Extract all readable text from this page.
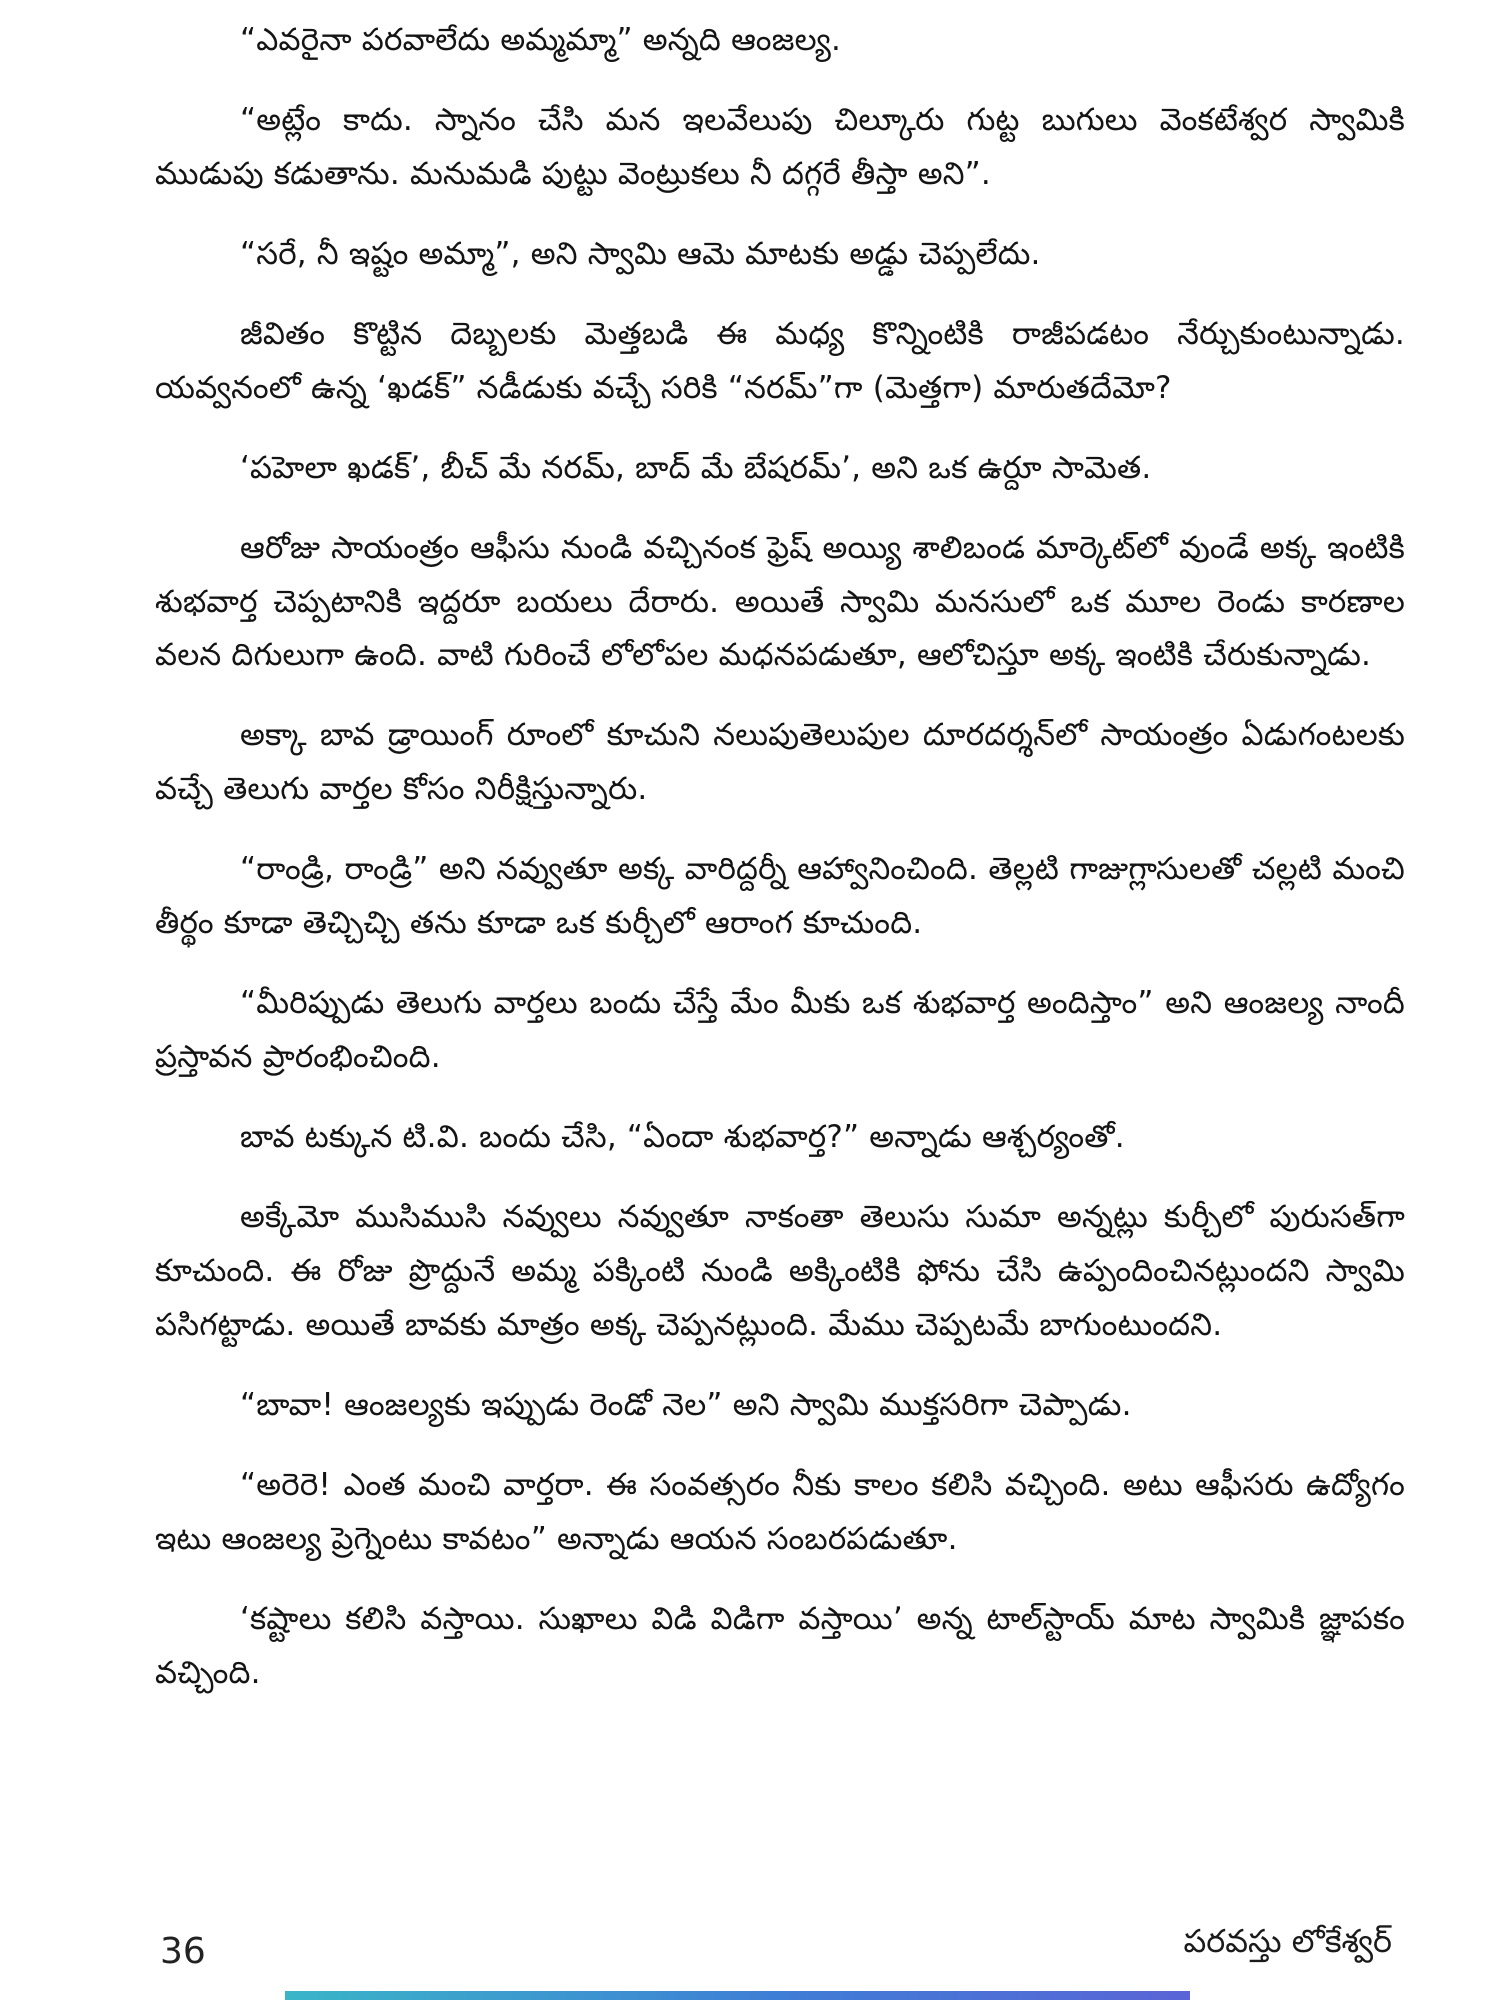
“ఎవరైనా పరవాలేదు అమ్మమ్మా” అన్నది ఆంజల్య.

“అట్లేం కాదు. స్నానం చేసి మన ఇలవేలుపు చిల్కూరు గుట్ట బుగులు వెంకటేశ్వర స్వామికి ముడుపు కడుతాను. మనుమడి పుట్టు వెంట్రుకలు నీ దగ్గరే తీస్తా అని”.

“సరే, నీ ఇష్టం అమ్మా”, అని స్వామి ఆమె మాటకు అడ్డు చెప్పలేదు.

జీవితం కొట్టిన దెబ్బలకు మెత్తబడి ఈ మధ్య కొన్నింటికి రాజీపడటం నేర్చుకుంటున్నాడు. యవ్వనంలో ఉన్న ‘ఖడక్” నడీడుకు వచ్చే సరికి “నరమ్”గా (మెత్తగా) మారుతదేమో?

‘పహెలా ఖడక్’, బీచ్ మే నరమ్, బాద్ మే బేషరమ్’, అని ఒక ఉర్దూ సామెత.

ఆరోజు సాయంత్రం ఆఫీసు నుండి వచ్చినంక ఫ్రెష్ అయ్యి శాలిబండ మార్కెట్‌లో వుండే అక్క ఇంటికి శుభవార్త చెప్పటానికి ఇద్దరూ బయలు దేరారు. అయితే స్వామి మనసులో ఒక మూల రెండు కారణాల వలన దిగులుగా ఉంది. వాటి గురించే లోలోపల మధనపడుతూ, ఆలోచిస్తూ అక్క ఇంటికి చేరుకున్నాడు.

అక్కా బావ డ్రాయింగ్ రూంలో కూచుని నలుపుతెలుపుల దూరదర్శన్‌లో సాయంత్రం ఏడుగంటలకు వచ్చే తెలుగు వార్తల కోసం నిరీక్షిస్తున్నారు.

“రాండ్రి, రాండ్రి” అని నవ్వుతూ అక్క వారిద్దర్నీ ఆహ్వానించింది. తెల్లటి గాజుగ్లాసులతో చల్లటి మంచి తీర్థం కూడా తెచ్చిచ్చి తను కూడా ఒక కుర్చీలో ఆరాంగ కూచుంది.

“మీరిప్పుడు తెలుగు వార్తలు బందు చేస్తే మేం మీకు ఒక శుభవార్త అందిస్తాం” అని ఆంజల్య నాందీ ప్రస్తావన ప్రారంభించింది.

బావ టక్కున టి.వి. బందు చేసి, “ఏందా శుభవార్త?” అన్నాడు ఆశ్చర్యంతో.

అక్కేమో ముసిముసి నవ్వులు నవ్వుతూ నాకంతా తెలుసు సుమా అన్నట్లు కుర్చీలో పురుసత్‌గా కూచుంది. ఈ రోజు ప్రొద్దునే అమ్మ పక్కింటి నుండి అక్కింటికి ఫోను చేసి ఉప్పందించినట్లుందని స్వామి పసిగట్టాడు. అయితే బావకు మాత్రం అక్క చెప్పనట్లుంది. మేము చెప్పటమే బాగుంటుందని.

“బావా! ఆంజల్యకు ఇప్పుడు రెండో నెల” అని స్వామి ముక్తసరిగా చెప్పాడు.

“అరెరె! ఎంత మంచి వార్తరా. ఈ సంవత్సరం నీకు కాలం కలిసి వచ్చింది. అటు ఆఫీసరు ఉద్యోగం ఇటు ఆంజల్య ప్రెగ్నెంటు కావటం” అన్నాడు ఆయన సంబరపడుతూ.

‘కష్టాలు కలిసి వస్తాయి. సుఖాలు విడి విడిగా వస్తాయి’ అన్న టాల్‌స్టాయ్ మాట స్వామికి జ్ఞాపకం వచ్చింది.

36	పరవస్తు లోకేశ్వర్
